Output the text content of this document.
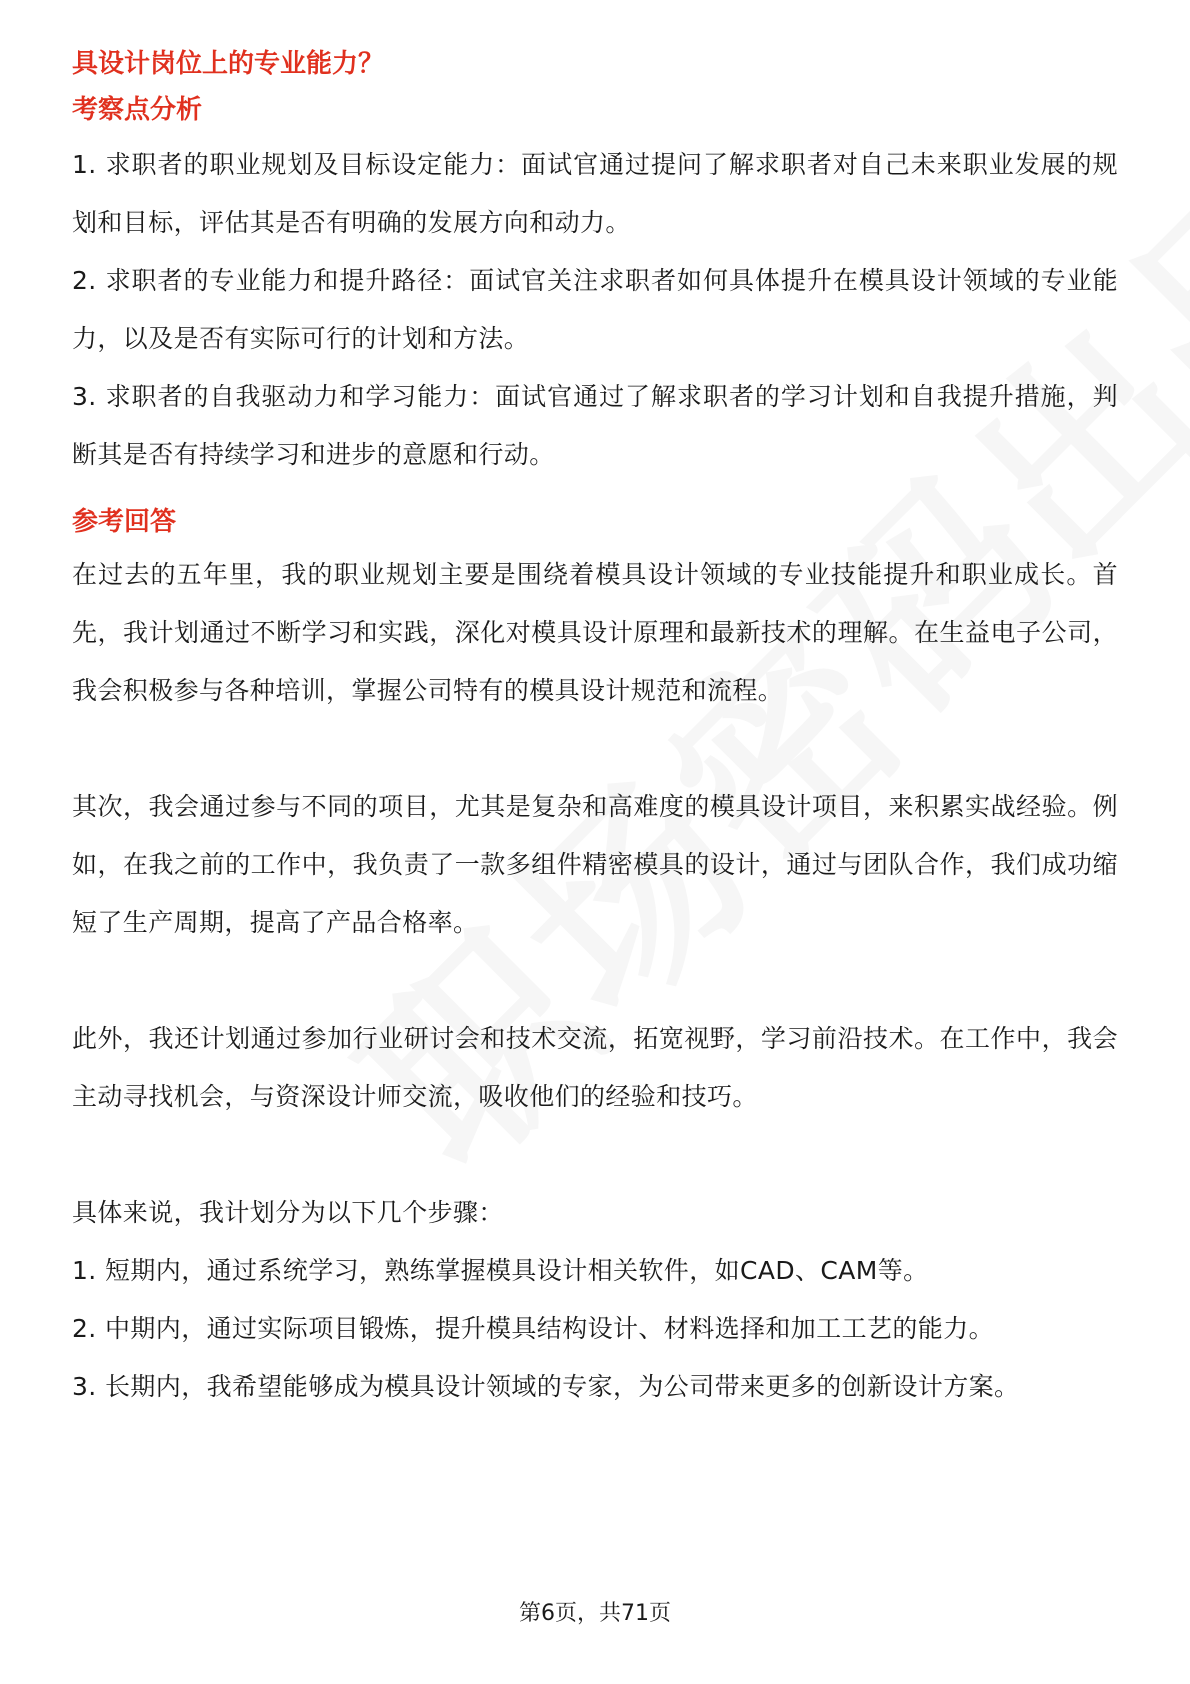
具设计岗位上的专业能力？

考察点分析

1. 求职者的职业规划及目标设定能力：面试官通过提问了解求职者对自己未来职业发展的规划和目标，评估其是否有明确的发展方向和动力。

2. 求职者的专业能力和提升路径：面试官关注求职者如何具体提升在模具设计领域的专业能力，以及是否有实际可行的计划和方法。

3. 求职者的自我驱动力和学习能力：面试官通过了解求职者的学习计划和自我提升措施，判断其是否有持续学习和进步的意愿和行动。

参考回答

在过去的五年里，我的职业规划主要是围绕着模具设计领域的专业技能提升和职业成长。首先，我计划通过不断学习和实践，深化对模具设计原理和最新技术的理解。在生益电子公司，我会积极参与各种培训，掌握公司特有的模具设计规范和流程。

其次，我会通过参与不同的项目，尤其是复杂和高难度的模具设计项目，来积累实战经验。例如，在我之前的工作中，我负责了一款多组件精密模具的设计，通过与团队合作，我们成功缩短了生产周期，提高了产品合格率。

此外，我还计划通过参加行业研讨会和技术交流，拓宽视野，学习前沿技术。在工作中，我会主动寻找机会，与资深设计师交流，吸收他们的经验和技巧。

具体来说，我计划分为以下几个步骤：

1. 短期内，通过系统学习，熟练掌握模具设计相关软件，如CAD、CAM等。

2. 中期内，通过实际项目锻炼，提升模具结构设计、材料选择和加工工艺的能力。

3. 长期内，我希望能够成为模具设计领域的专家，为公司带来更多的创新设计方案。

第6页，共71页
